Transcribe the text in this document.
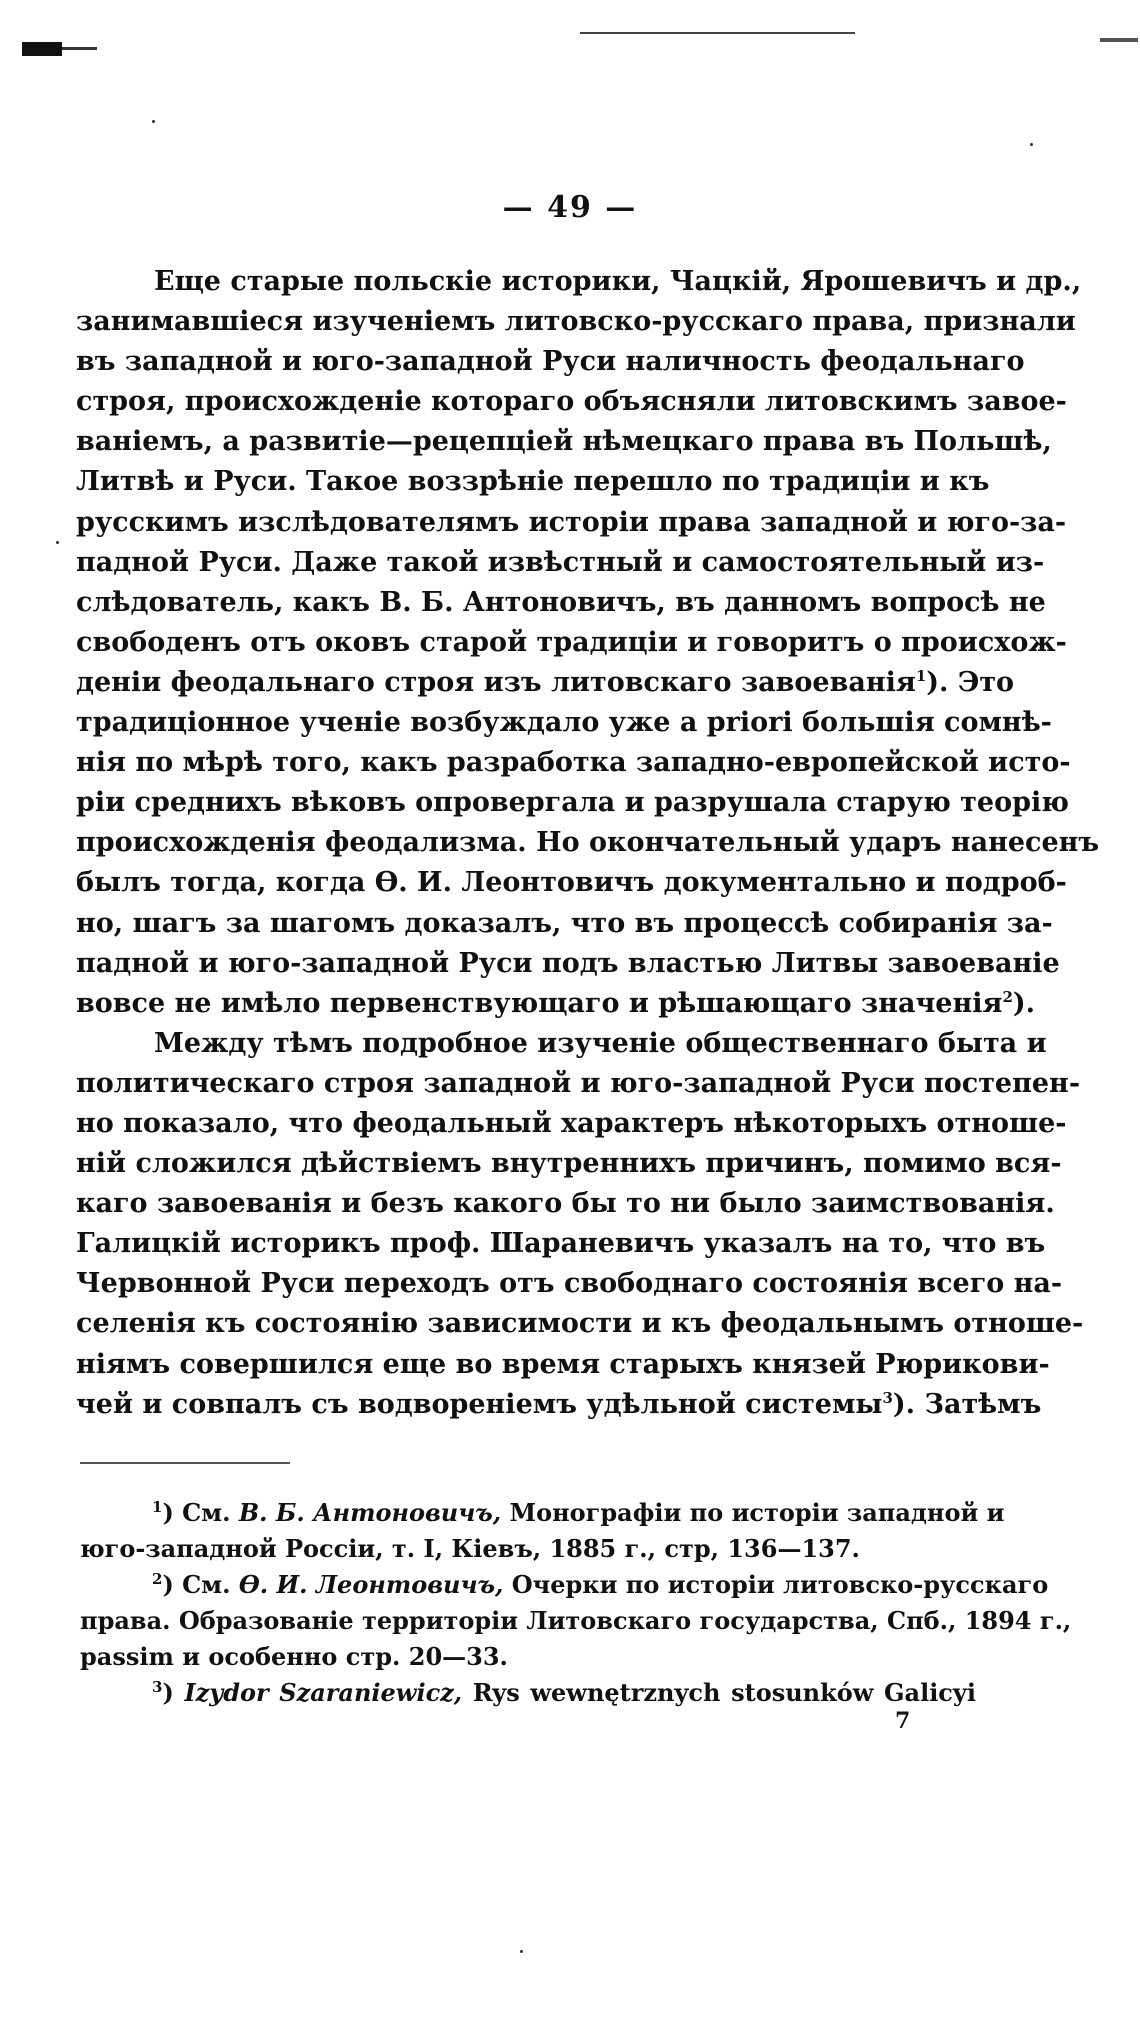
— 49 —
Еще старые польскiе историки, Чацкiй, Ярошевичъ и др.,
занимавшiеся изученiемъ литовско-русскаго права, признали
въ западной и юго-западной Руси наличность феодальнаго
строя, происхожденiе котораго объясняли литовскимъ завое-
ванiемъ, а развитiе—рецепцiей нѣмецкаго права въ Польшѣ,
Литвѣ и Руси. Такое воззрѣнiе перешло по традицiи и къ
русскимъ изслѣдователямъ исторiи права западной и юго-за-
падной Руси. Даже такой извѣстный и самостоятельный из-
слѣдователь, какъ В. Б. Антоновичъ, въ данномъ вопросѣ не
свободенъ отъ оковъ старой традицiи и говоритъ о происхож-
денiи феодальнаго строя изъ литовскаго завоеванiя$^1$). Это
традицiонное ученiе возбуждало уже a priori большiя сомнѣ-
нiя по мѣрѣ того, какъ разработка западно-европейской исто-
рiи среднихъ вѣковъ опровергала и разрушала старую теорiю
происхожденiя феодализма. Но окончательный ударъ нанесенъ
былъ тогда, когда Ѳ. И. Леонтовичъ документально и подроб-
но, шагъ за шагомъ доказалъ, что въ процессѣ собиранiя за-
падной и юго-западной Руси подъ властью Литвы завоеванiе
вовсе не имѣло первенствующаго и рѣшающаго значенiя$^2$).
Между тѣмъ подробное изученiе общественнаго быта и
политическаго строя западной и юго-западной Руси постепен-
но показало, что феодальный характеръ нѣкоторыхъ отноше-
нiй сложился дѣйствiемъ внутреннихъ причинъ, помимо вся-
каго завоеванiя и безъ какого бы то ни было заимствованiя.
Галицкiй историкъ проф. Шараневичъ указалъ на то, что въ
Червонной Руси переходъ отъ свободнаго состоянiя всего на-
селенiя къ состоянiю зависимости и къ феодальнымъ отноше-
нiямъ совершился еще во время старыхъ князей Рюрикови-
чей и совпалъ съ водворенiемъ удѣльной системы$^3$). Затѣмъ
$^1$) См. В. Б. Антоновичъ, Монографiи по исторiи западной и
юго-западной Россiи, т. I, Кiевъ, 1885 г., стр, 136—137.
$^2$) См. Ѳ. И. Леонтовичъ, Очерки по исторiи литовско-русскаго
права. Образованiе территорiи Литовскаго государства, Спб., 1894 г.,
passim и особенно стр. 20—33.
$^3$) Izydor Szaraniewicz, Rys wewnętrznych stosunków Galicyi
7
